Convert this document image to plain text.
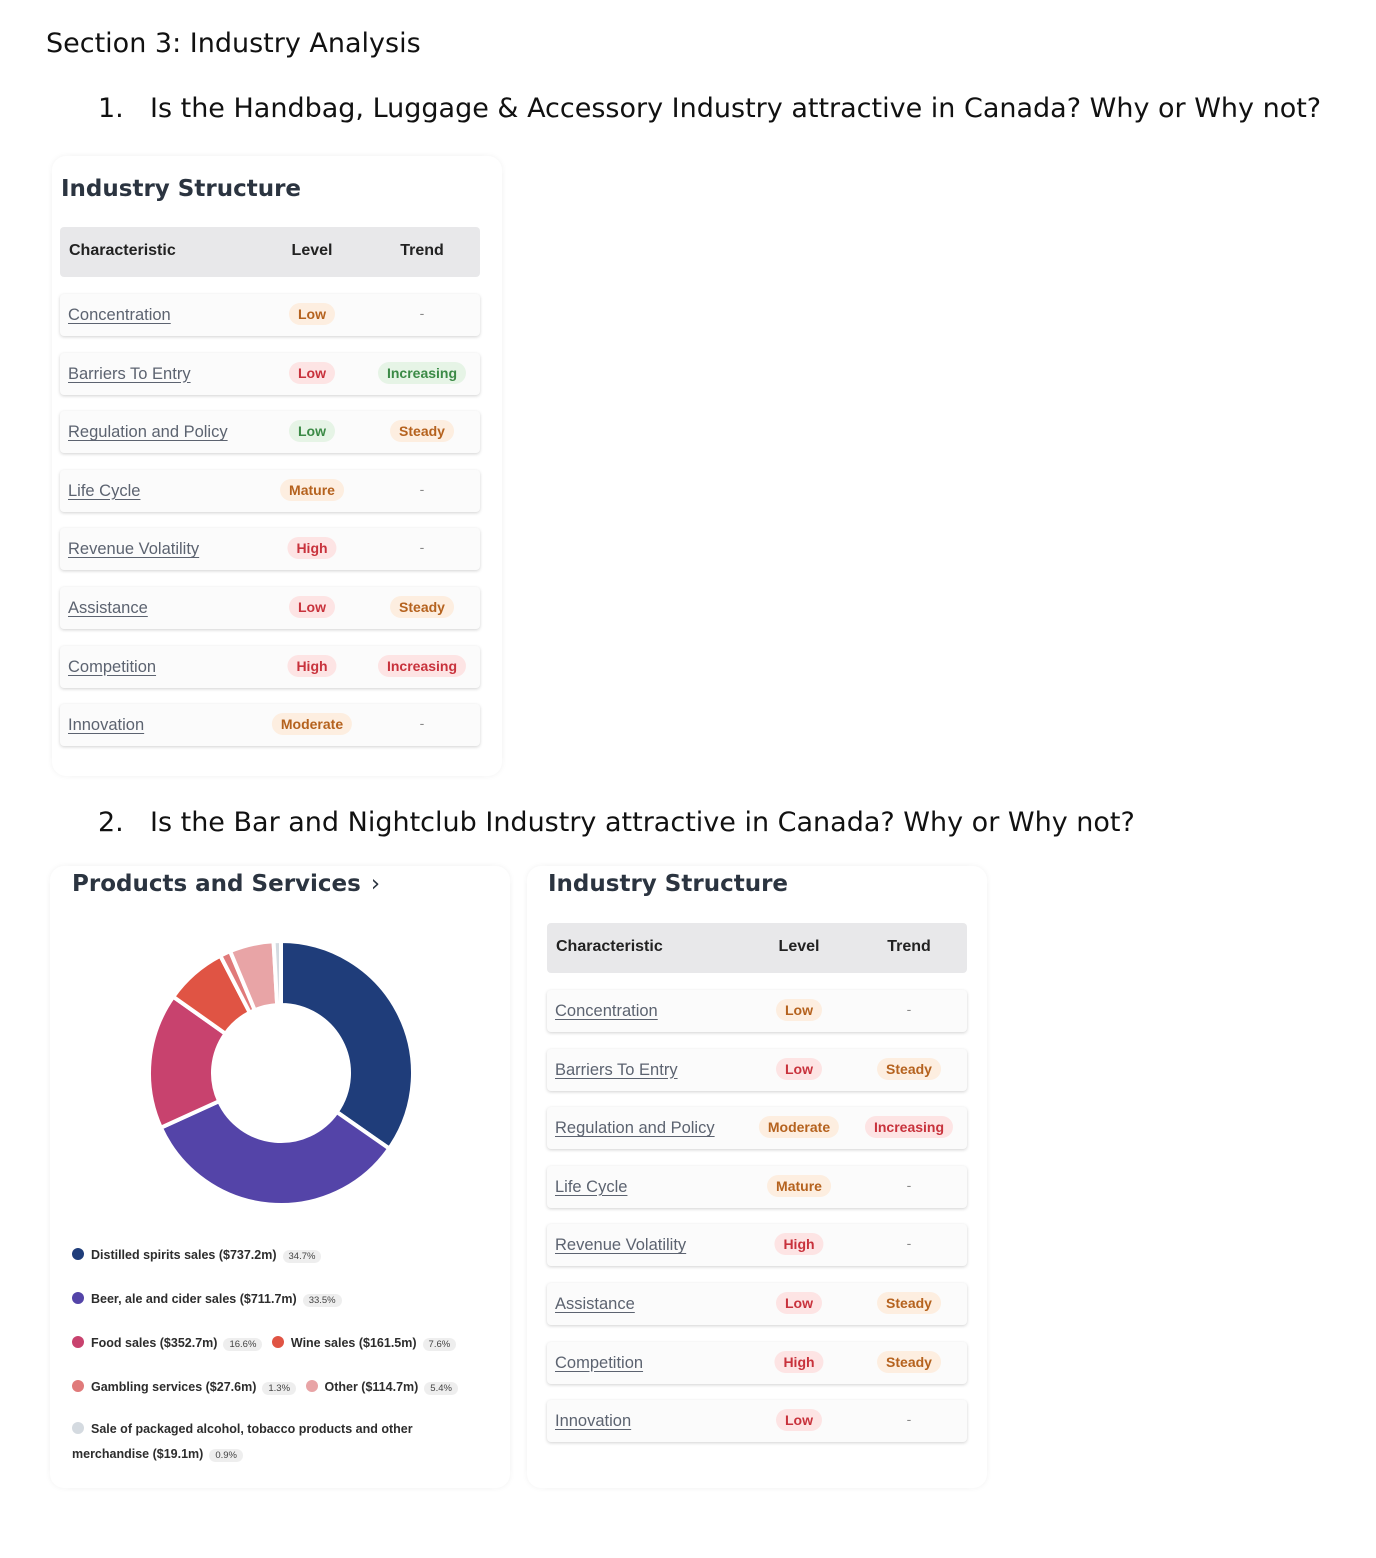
Section 3: Industry Analysis
1. Is the Handbag, Luggage & Accessory Industry attractive in Canada? Why or Why not?
Industry Structure
Characteristic	Level	Trend
Concentration	Low	-
Barriers To Entry	Low	Increasing
Regulation and Policy	Low	Steady
Life Cycle	Mature	-
Revenue Volatility	High	-
Assistance	Low	Steady
Competition	High	Increasing
Innovation	Moderate	-
2. Is the Bar and Nightclub Industry attractive in Canada? Why or Why not?
Products and Services ›
Distilled spirits sales ($737.2m) 34.7%
Beer, ale and cider sales ($711.7m) 33.5%
Food sales ($352.7m) 16.6%	Wine sales ($161.5m) 7.6%
Gambling services ($27.6m) 1.3%	Other ($114.7m) 5.4%
Sale of packaged alcohol, tobacco products and other
merchandise ($19.1m) 0.9%
Industry Structure
Characteristic	Level	Trend
Concentration	Low	-
Barriers To Entry	Low	Steady
Regulation and Policy	Moderate	Increasing
Life Cycle	Mature	-
Revenue Volatility	High	-
Assistance	Low	Steady
Competition	High	Steady
Innovation	Low	-
